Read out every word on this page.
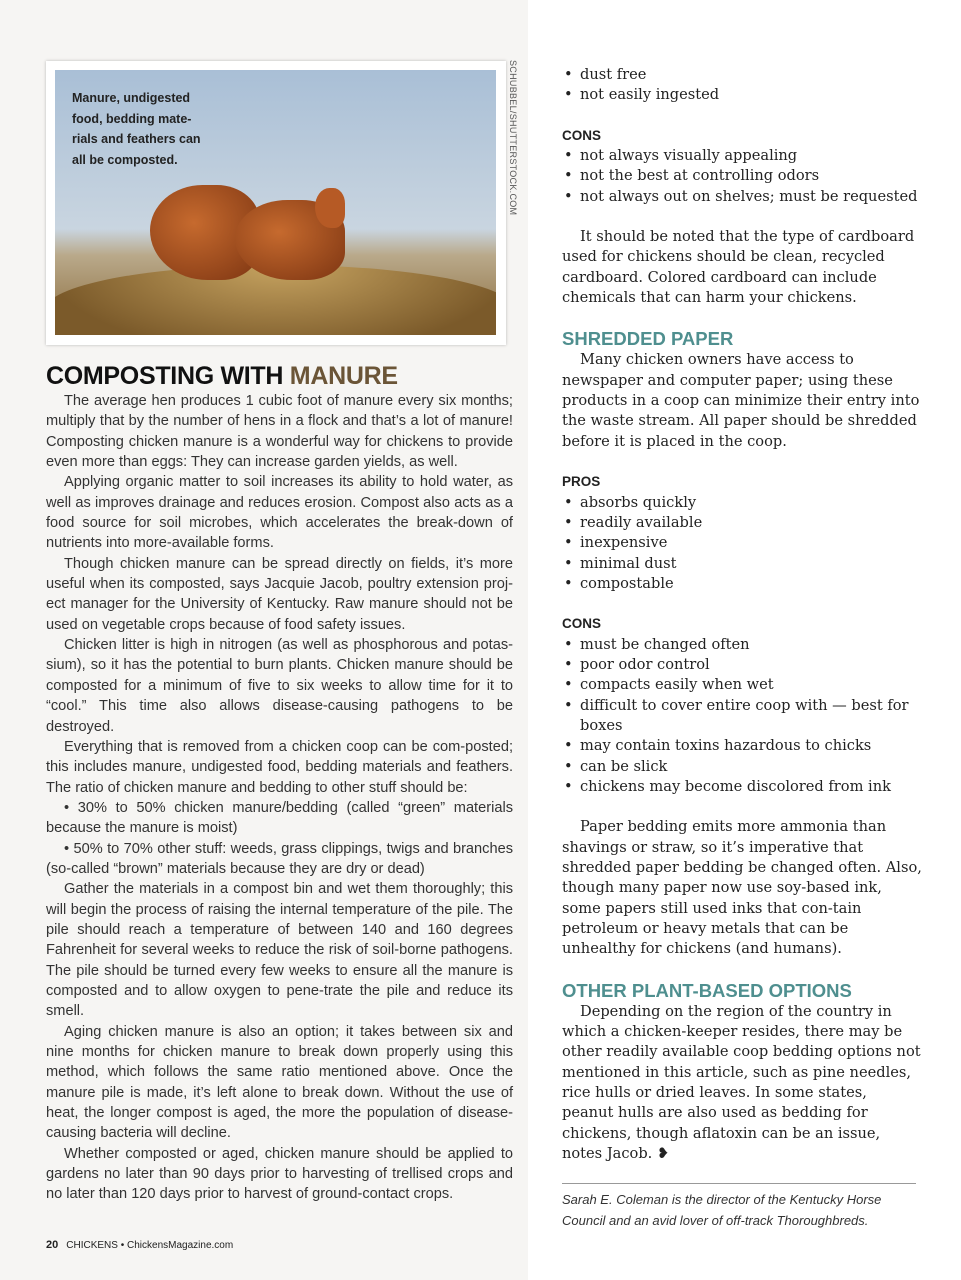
Manure, undigested food, bedding mate-rials and feathers can all be composted.	SCHUBBEL/SHUTTERSTOCK.COM
COMPOSTING WITH MANURE

The average hen produces 1 cubic foot of manure every six months; multiply that by the number of hens in a flock and that’s a lot of manure! Composting chicken manure is a wonderful way for chickens to provide even more than eggs: They can increase garden yields, as well.

Applying organic matter to soil increases its ability to hold water, as well as improves drainage and reduces erosion. Compost also acts as a food source for soil microbes, which accelerates the break-down of nutrients into more-available forms.

Though chicken manure can be spread directly on fields, it’s more useful when its composted, says Jacquie Jacob, poultry extension proj-ect manager for the University of Kentucky. Raw manure should not be used on vegetable crops because of food safety issues.

Chicken litter is high in nitrogen (as well as phosphorous and potas-sium), so it has the potential to burn plants. Chicken manure should be composted for a minimum of five to six weeks to allow time for it to “cool.” This time also allows disease-causing pathogens to be destroyed.

Everything that is removed from a chicken coop can be com-posted; this includes manure, undigested food, bedding materials and feathers. The ratio of chicken manure and bedding to other stuff should be:

• 30% to 50% chicken manure/bedding (called “green” materials because the manure is moist)

• 50% to 70% other stuff: weeds, grass clippings, twigs and branches (so-called “brown” materials because they are dry or dead)

Gather the materials in a compost bin and wet them thoroughly; this will begin the process of raising the internal temperature of the pile. The pile should reach a temperature of between 140 and 160 degrees Fahrenheit for several weeks to reduce the risk of soil-borne pathogens. The pile should be turned every few weeks to ensure all the manure is composted and to allow oxygen to pene-trate the pile and reduce its smell.

Aging chicken manure is also an option; it takes between six and nine months for chicken manure to break down properly using this method, which follows the same ratio mentioned above. Once the manure pile is made, it’s left alone to break down. Without the use of heat, the longer compost is aged, the more the population of disease-causing bacteria will decline.

Whether composted or aged, chicken manure should be applied to gardens no later than 90 days prior to harvesting of trellised crops and no later than 120 days prior to harvest of ground-contact crops.

• dust free
• not easily ingested
CONS
• not always visually appealing
• not the best at controlling odors
• not always out on shelves; must be requested

It should be noted that the type of cardboard used for chickens should be clean, recycled cardboard. Colored cardboard can include chemicals that can harm your chickens.

SHREDDED PAPER

Many chicken owners have access to newspaper and computer paper; using these products in a coop can minimize their entry into the waste stream. All paper should be shredded before it is placed in the coop.

PROS
• absorbs quickly
• readily available
• inexpensive
• minimal dust
• compostable
CONS
• must be changed often
• poor odor control
• compacts easily when wet
• difficult to cover entire coop with — best for boxes
• may contain toxins hazardous to chicks
• can be slick
• chickens may become discolored from ink

Paper bedding emits more ammonia than shavings or straw, so it’s imperative that shredded paper bedding be changed often. Also, though many paper now use soy-based ink, some papers still used inks that con-tain petroleum or heavy metals that can be unhealthy for chickens (and humans).

OTHER PLANT-BASED OPTIONS

Depending on the region of the country in which a chicken-keeper resides, there may be other readily available coop bedding options not mentioned in this article, such as pine needles, rice hulls or dried leaves. In some states, peanut hulls are also used as bedding for chickens, though aflatoxin can be an issue, notes Jacob. ❥

Sarah E. Coleman is the director of the Kentucky Horse Council and an avid lover of off-track Thoroughbreds.
20 CHICKENS • ChickensMagazine.com
